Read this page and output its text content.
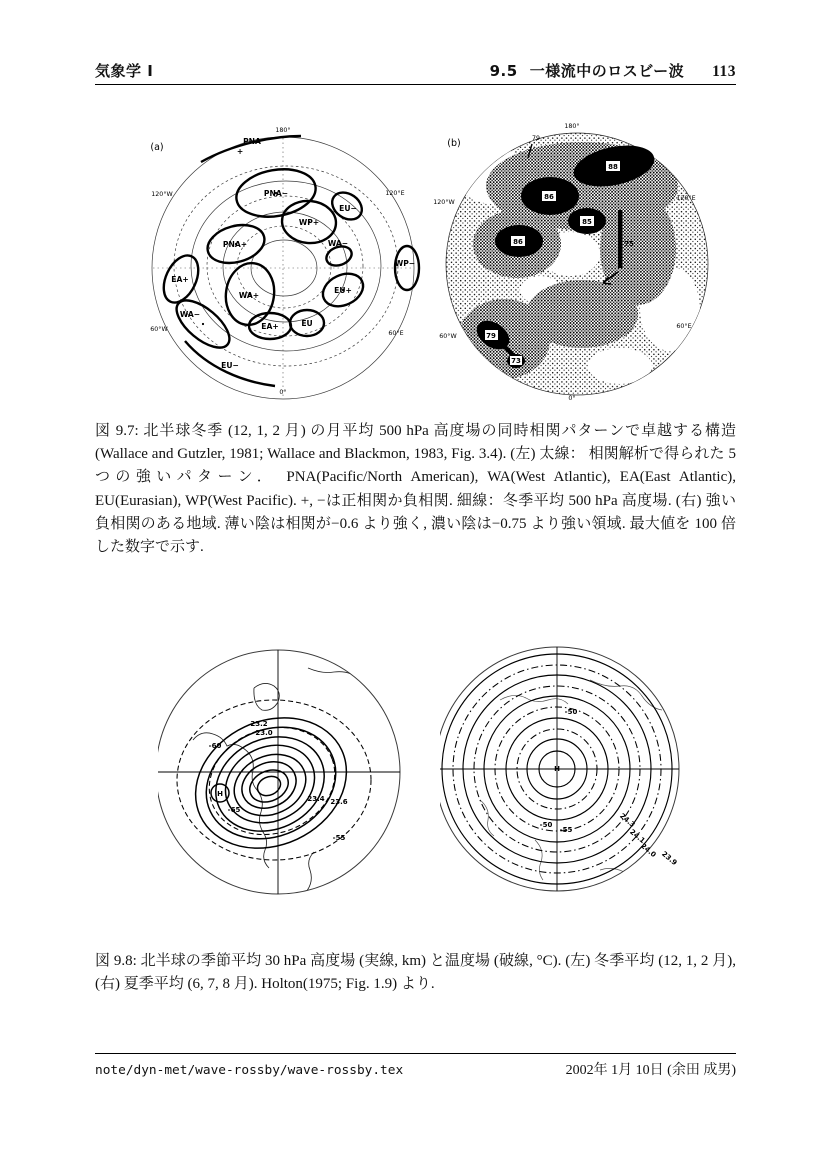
気象学 I	9.5 一様流中のロスビー波 113
(a)
PNA
+
PNA−
WP+
EU−
WA−
PNA+
EA+
WA+
EA+	EU
EU+
WA−
WP−
EU−
180°
120°W
60°W
120°E
60°E
0°
88
86
85
86
79
73
75
79
(b)
180°
120°W
120°E
60°W
60°E
0°

図 9.7: 北半球冬季 (12, 1, 2 月) の月平均 500 hPa 高度場の同時相関パターンで卓越する構造 (Wallace and Gutzler, 1981; Wallace and Blackmon, 1983, Fig. 3.4). (左) 太線： 相関解析で得られた 5 つの強いパターン． PNA(Pacific/North American), WA(West Atlantic), EA(East Atlantic), EU(Eurasian), WP(West Pacific). +, −は正相関か負相関. 細線：冬季平均 500 hPa 高度場. (右) 強い負相関のある地域. 薄い陰は相関が−0.6 より強く, 濃い陰は−0.75 より強い領域. 最大値を 100 倍した数字で示す.

23.2
23.0
23.4 23.6
-60
-65
-55
H
-50
-50
-55
24.3
24.1
24.0 23.9
H

図 9.8: 北半球の季節平均 30 hPa 高度場 (実線, km) と温度場 (破線, °C). (左) 冬季平均 (12, 1, 2 月), (右) 夏季平均 (6, 7, 8 月). Holton(1975; Fig. 1.9) より.

note/dyn-met/wave-rossby/wave-rossby.tex	2002年 1月 10日 (余田 成男)
